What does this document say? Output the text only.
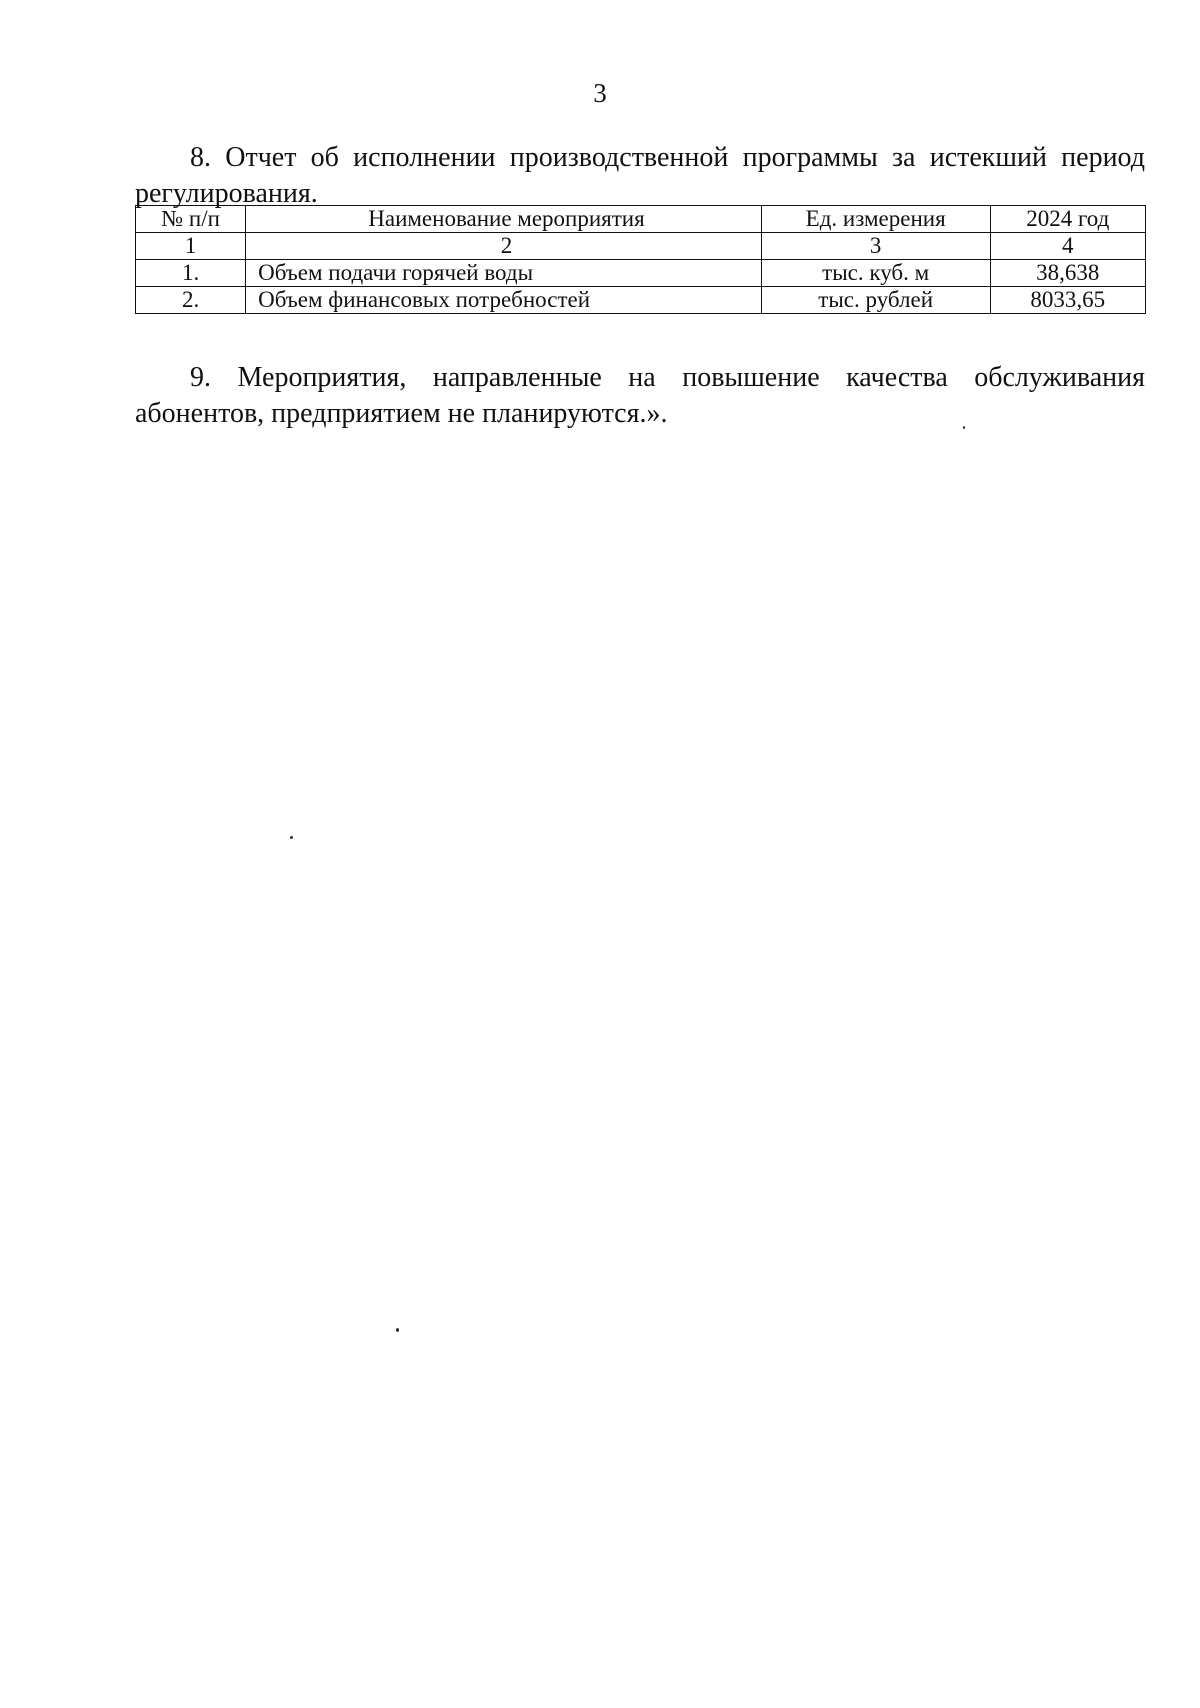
3
8. Отчет об исполнении производственной программы за истекший период регулирования.
№ п/п	Наименование мероприятия	Ед. измерения	2024 год
1	2	3	4
1.	Объем подачи горячей воды	тыс. куб. м	38,638
2.	Объем финансовых потребностей	тыс. рублей	8033,65
9. Мероприятия, направленные на повышение качества обслуживания абонентов, предприятием не планируются.».
